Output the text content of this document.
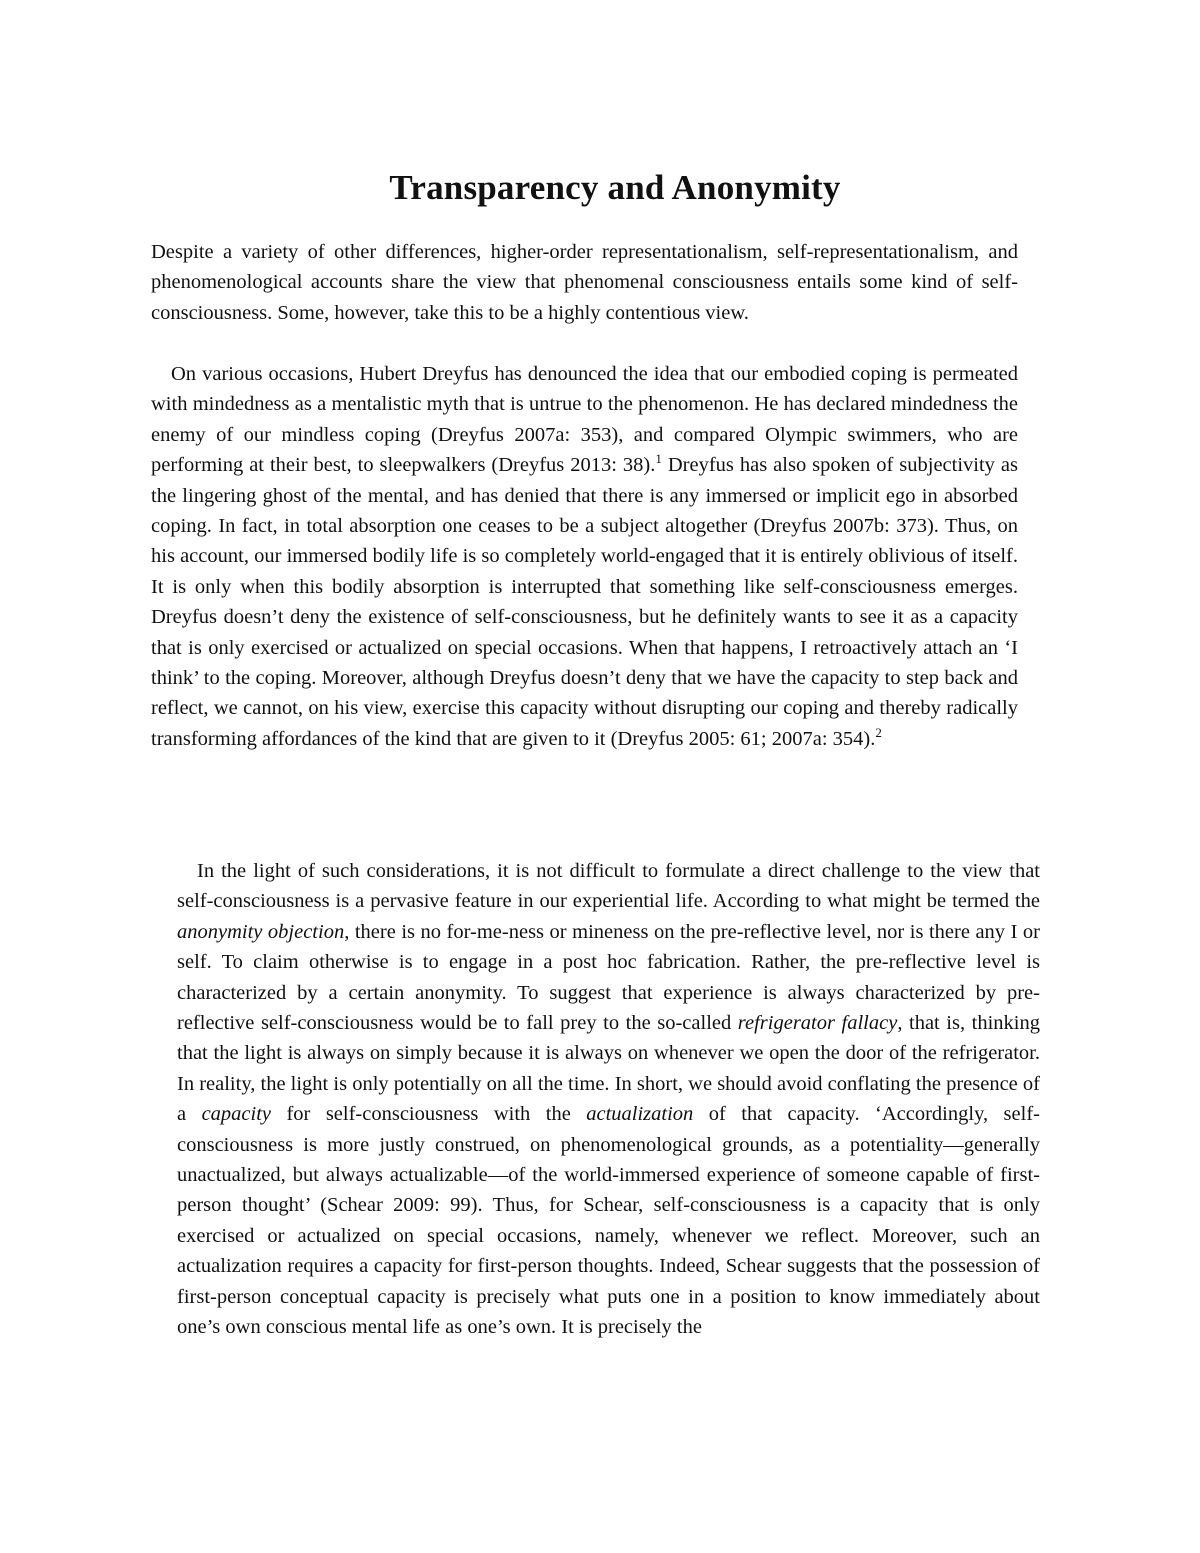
Transparency and Anonymity

Despite a variety of other differences, higher-order representationalism, self-representationalism, and phenomenological accounts share the view that phenomenal consciousness entails some kind of self-consciousness. Some, however, take this to be a highly contentious view.

On various occasions, Hubert Dreyfus has denounced the idea that our embodied coping is permeated with mindedness as a mentalistic myth that is untrue to the phenomenon. He has declared mindedness the enemy of our mindless coping (Dreyfus 2007a: 353), and compared Olympic swimmers, who are performing at their best, to sleepwalkers (Dreyfus 2013: 38).$^1$ Dreyfus has also spoken of subjectivity as the lingering ghost of the mental, and has denied that there is any immersed or implicit ego in absorbed coping. In fact, in total absorption one ceases to be a subject altogether (Dreyfus 2007b: 373). Thus, on his account, our immersed bodily life is so completely world-engaged that it is entirely oblivious of itself. It is only when this bodily absorption is interrupted that something like self-consciousness emerges. Dreyfus doesn’t deny the existence of self-consciousness, but he definitely wants to see it as a capacity that is only exercised or actualized on special occasions. When that happens, I retroactively attach an ‘I think’ to the coping. Moreover, although Dreyfus doesn’t deny that we have the capacity to step back and reflect, we cannot, on his view, exercise this capacity without disrupting our coping and thereby radically transforming affordances of the kind that are given to it (Dreyfus 2005: 61; 2007a: 354).$^2$

In the light of such considerations, it is not difficult to formulate a direct challenge to the view that self-consciousness is a pervasive feature in our experiential life. According to what might be termed the anonymity objection, there is no for-me-ness or mineness on the pre-reflective level, nor is there any I or self. To claim otherwise is to engage in a post hoc fabrication. Rather, the pre-reflective level is characterized by a certain anonymity. To suggest that experience is always characterized by pre-reflective self-consciousness would be to fall prey to the so-called refrigerator fallacy, that is, thinking that the light is always on simply because it is always on whenever we open the door of the refrigerator. In reality, the light is only potentially on all the time. In short, we should avoid conflating the presence of a capacity for self-consciousness with the actualization of that capacity. ‘Accordingly, self-consciousness is more justly construed, on phenomenological grounds, as a potentiality—generally unactualized, but always actualizable—of the world-immersed experience of someone capable of first-person thought’ (Schear 2009: 99). Thus, for Schear, self-consciousness is a capacity that is only exercised or actualized on special occasions, namely, whenever we reflect. Moreover, such an actualization requires a capacity for first-person thoughts. Indeed, Schear suggests that the possession of first-person conceptual capacity is precisely what puts one in a position to know immediately about one’s own conscious mental life as one’s own. It is precisely the
